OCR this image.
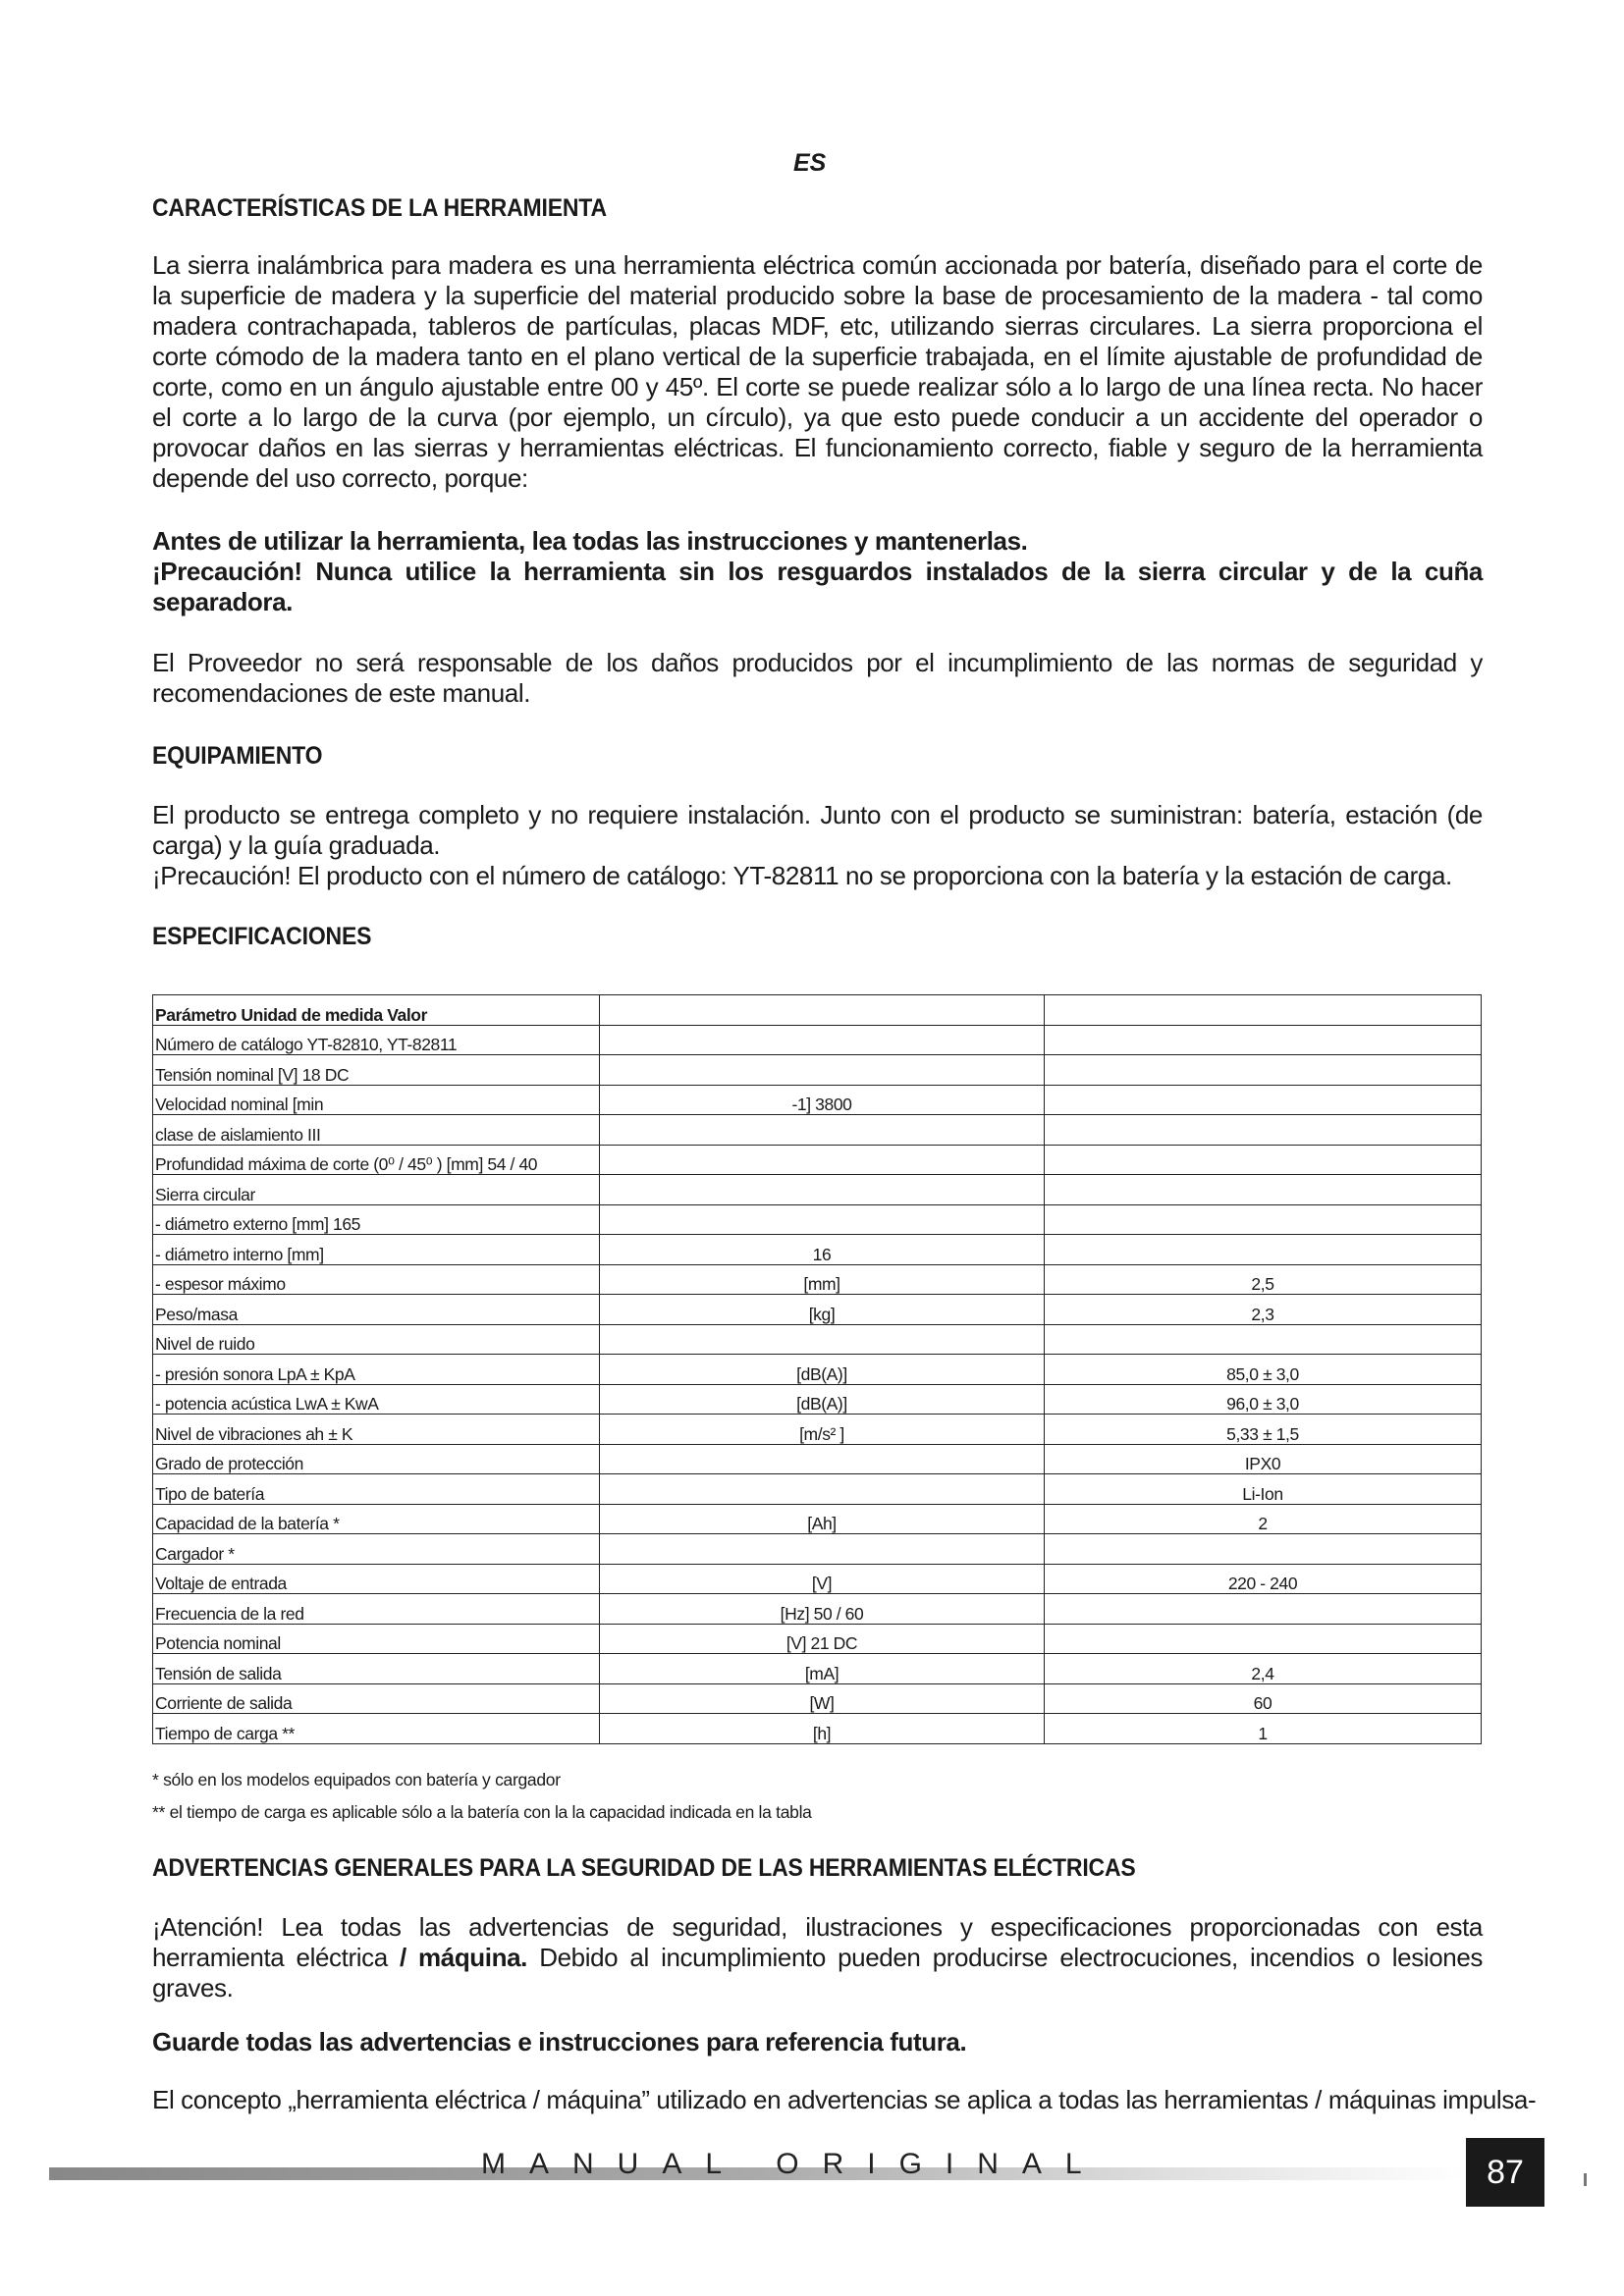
ES
CARACTERÍSTICAS DE LA HERRAMIENTA

La sierra inalámbrica para madera es una herramienta eléctrica común accionada por batería, diseñado para el corte de la superficie de madera y la superficie del material producido sobre la base de procesamiento de la madera - tal como madera contrachapada, tableros de partículas, placas MDF, etc, utilizando sierras circulares. La sierra proporciona el corte cómodo de la madera tanto en el plano vertical de la superficie trabajada, en el límite ajustable de profundidad de corte, como en un ángulo ajustable entre 00 y 45º. El corte se puede realizar sólo a lo largo de una línea recta. No hacer el corte a lo largo de la curva (por ejemplo, un círculo), ya que esto puede conducir a un accidente del operador o provocar daños en las sierras y herramientas eléctricas. El funcionamiento correcto, fiable y seguro de la herramienta depende del uso correcto, porque:

Antes de utilizar la herramienta, lea todas las instrucciones y mantenerlas.

¡Precaución! Nunca utilice la herramienta sin los resguardos instalados de la sierra circular y de la cuña separadora.

El Proveedor no será responsable de los daños producidos por el incumplimiento de las normas de seguridad y recomendaciones de este manual.

EQUIPAMIENTO

El producto se entrega completo y no requiere instalación. Junto con el producto se suministran: batería, estación (de carga) y la guía graduada.

¡Precaución! El producto con el número de catálogo: YT-82811 no se proporciona con la batería y la estación de carga.

ESPECIFICACIONES
Parámetro Unidad de medida Valor		
Número de catálogo YT-82810, YT-82811		
Tensión nominal [V] 18 DC		
Velocidad nominal [min	-1] 3800	
clase de aislamiento III		
Profundidad máxima de corte (0⁰ / 45⁰ ) [mm] 54 / 40		
Sierra circular		
- diámetro externo [mm] 165		
- diámetro interno [mm]	16	
- espesor máximo	[mm]	2,5
Peso/masa	[kg]	2,3
Nivel de ruido		
- presión sonora LpA ± KpA	[dB(A)]	85,0 ± 3,0
- potencia acústica LwA ± KwA	[dB(A)]	96,0 ± 3,0
Nivel de vibraciones ah ± K	[m/s² ]	5,33 ± 1,5
Grado de protección		IPX0
Tipo de batería		Li-Ion
Capacidad de la batería *	[Ah]	2
Cargador *		
Voltaje de entrada	[V]	220 - 240
Frecuencia de la red	[Hz] 50 / 60	
Potencia nominal	[V] 21 DC	
Tensión de salida	[mA]	2,4
Corriente de salida	[W]	60
Tiempo de carga **	[h]	1
* sólo en los modelos equipados con batería y cargador
** el tiempo de carga es aplicable sólo a la batería con la la capacidad indicada en la tabla
ADVERTENCIAS GENERALES PARA LA SEGURIDAD DE LAS HERRAMIENTAS ELÉCTRICAS

¡Atención! Lea todas las advertencias de seguridad, ilustraciones y especificaciones proporcionadas con esta herramienta eléctrica / máquina. Debido al incumplimiento pueden producirse electrocuciones, incendios o lesiones graves.

Guarde todas las advertencias e instrucciones para referencia futura.

El concepto „herramienta eléctrica / máquina” utilizado en advertencias se aplica a todas las herramientas / máquinas impulsa-

MANUAL ORIGINAL	87
